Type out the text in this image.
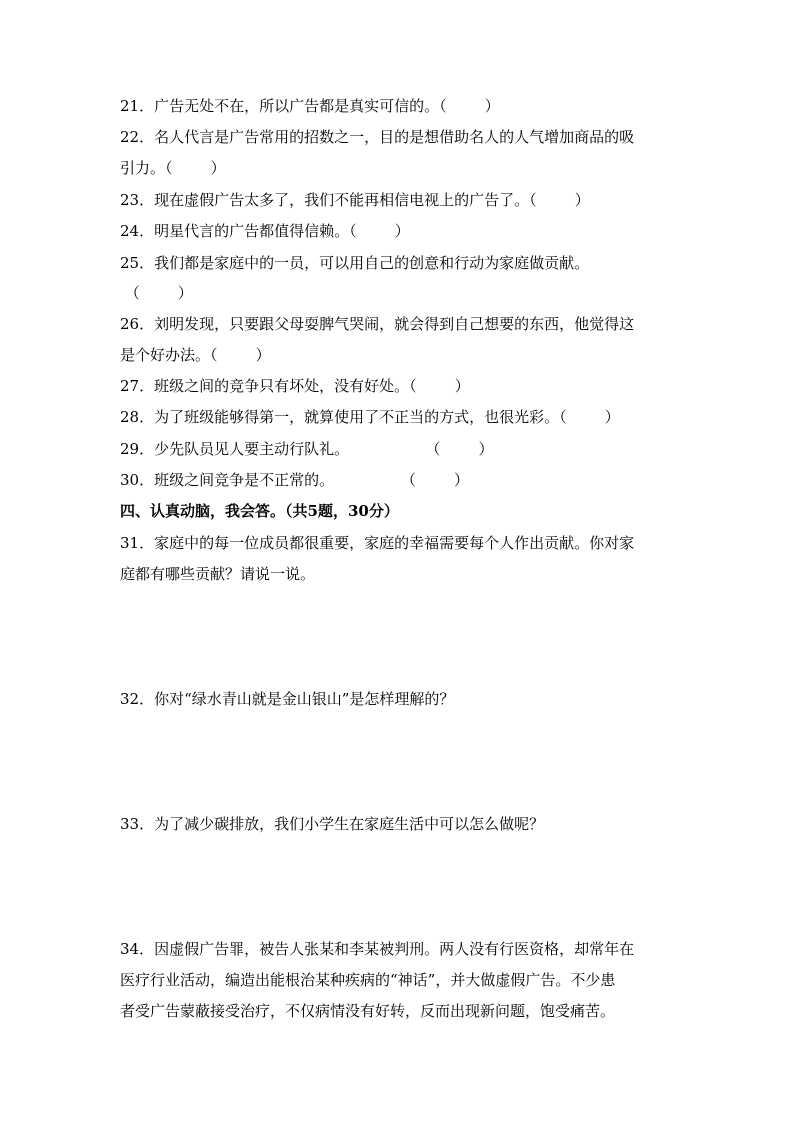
21．广告无处不在，所以广告都是真实可信的。（        ）
22．名人代言是广告常用的招数之一，目的是想借助名人的人气增加商品的吸
引力。（        ）
23．现在虚假广告太多了，我们不能再相信电视上的广告了。（        ）
24．明星代言的广告都值得信赖。（        ）
25．我们都是家庭中的一员，可以用自己的创意和行动为家庭做贡献。
（        ）
26．刘明发现，只要跟父母耍脾气哭闹，就会得到自己想要的东西，他觉得这
是个好办法。（        ）
27．班级之间的竞争只有坏处，没有好处。（        ）
28．为了班级能够得第一，就算使用了不正当的方式，也很光彩。（        ）
29．少先队员见人要主动行队礼。                （        ）
30．班级之间竞争是不正常的。              （        ）
四、认真动脑，我会答。（共5题，30分）
31．家庭中的每一位成员都很重要，家庭的幸福需要每个人作出贡献。你对家
庭都有哪些贡献？请说一说。
32．你对“绿水青山就是金山银山”是怎样理解的？
33．为了减少碳排放，我们小学生在家庭生活中可以怎么做呢？
34．因虚假广告罪，被告人张某和李某被判刑。两人没有行医资格，却常年在
医疗行业活动，编造出能根治某种疾病的“神话”，并大做虚假广告。不少患
者受广告蒙蔽接受治疗，不仅病情没有好转，反而出现新问题，饱受痛苦。
